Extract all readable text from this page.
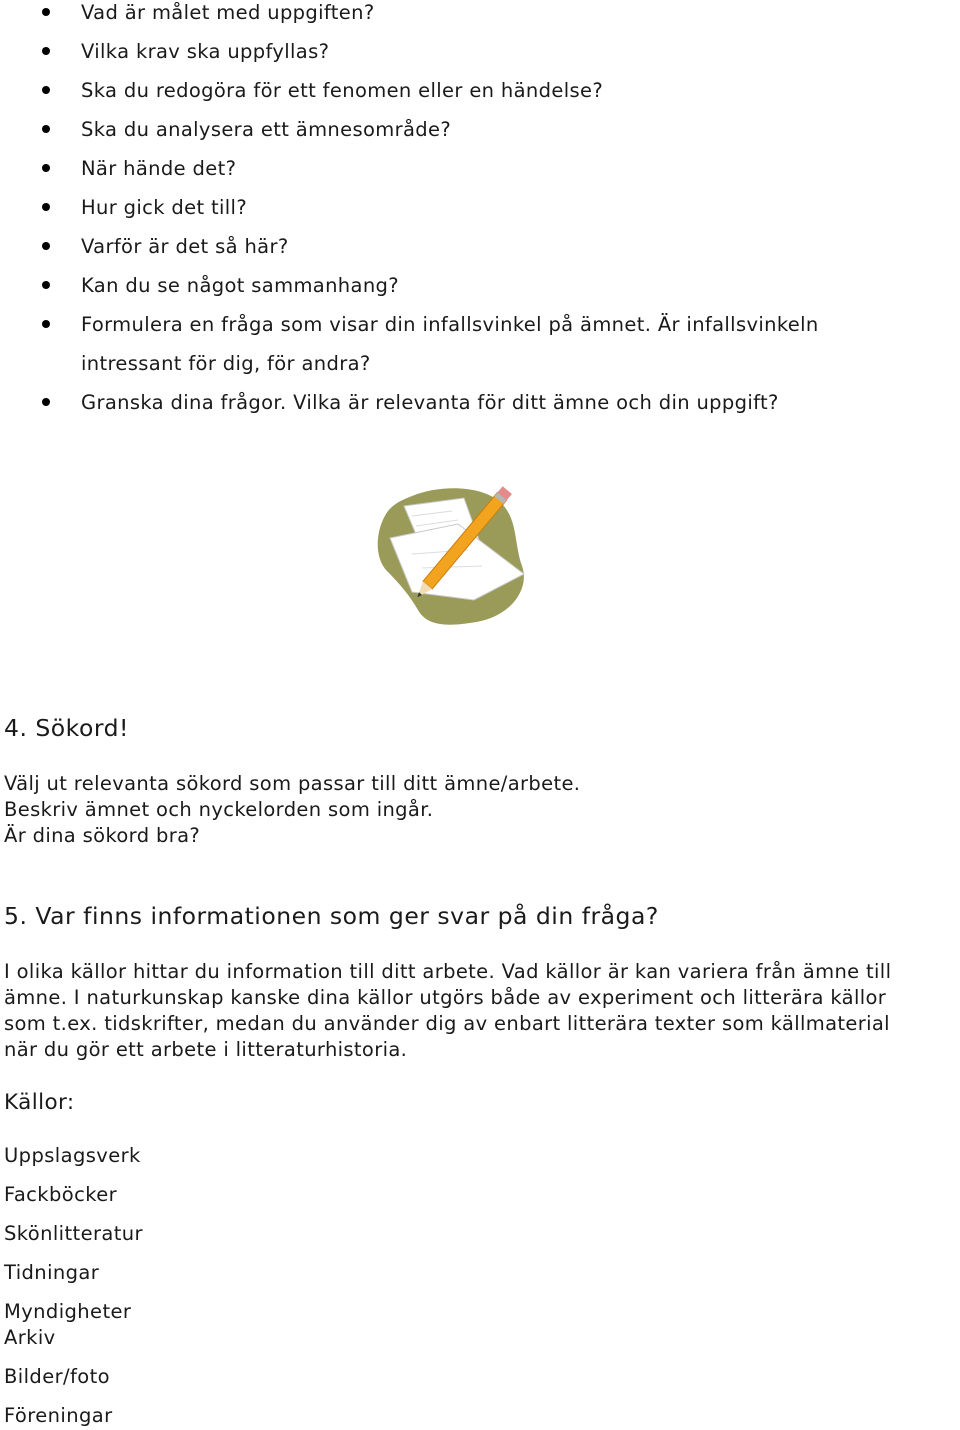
Vad är målet med uppgiften?
Vilka krav ska uppfyllas?
Ska du redogöra för ett fenomen eller en händelse?
Ska du analysera ett ämnesområde?
När hände det?
Hur gick det till?
Varför är det så här?
Kan du se något sammanhang?
Formulera en fråga som visar din infallsvinkel på ämnet. Är infallsvinkeln intressant för dig, för andra?
Granska dina frågor. Vilka är relevanta för ditt ämne och din uppgift?
4. Sökord!

Välj ut relevanta sökord som passar till ditt ämne/arbete.

Beskriv ämnet och nyckelorden som ingår.

Är dina sökord bra?

5. Var finns informationen som ger svar på din fråga?

I olika källor hittar du information till ditt arbete. Vad källor är kan variera från ämne till

ämne. I naturkunskap kanske dina källor utgörs både av experiment och litterära källor

som t.ex. tidskrifter, medan du använder dig av enbart litterära texter som källmaterial

när du gör ett arbete i litteraturhistoria.

Källor:

Uppslagsverk

Fackböcker

Skönlitteratur

Tidningar

Myndigheter

Arkiv

Bilder/foto

Föreningar
